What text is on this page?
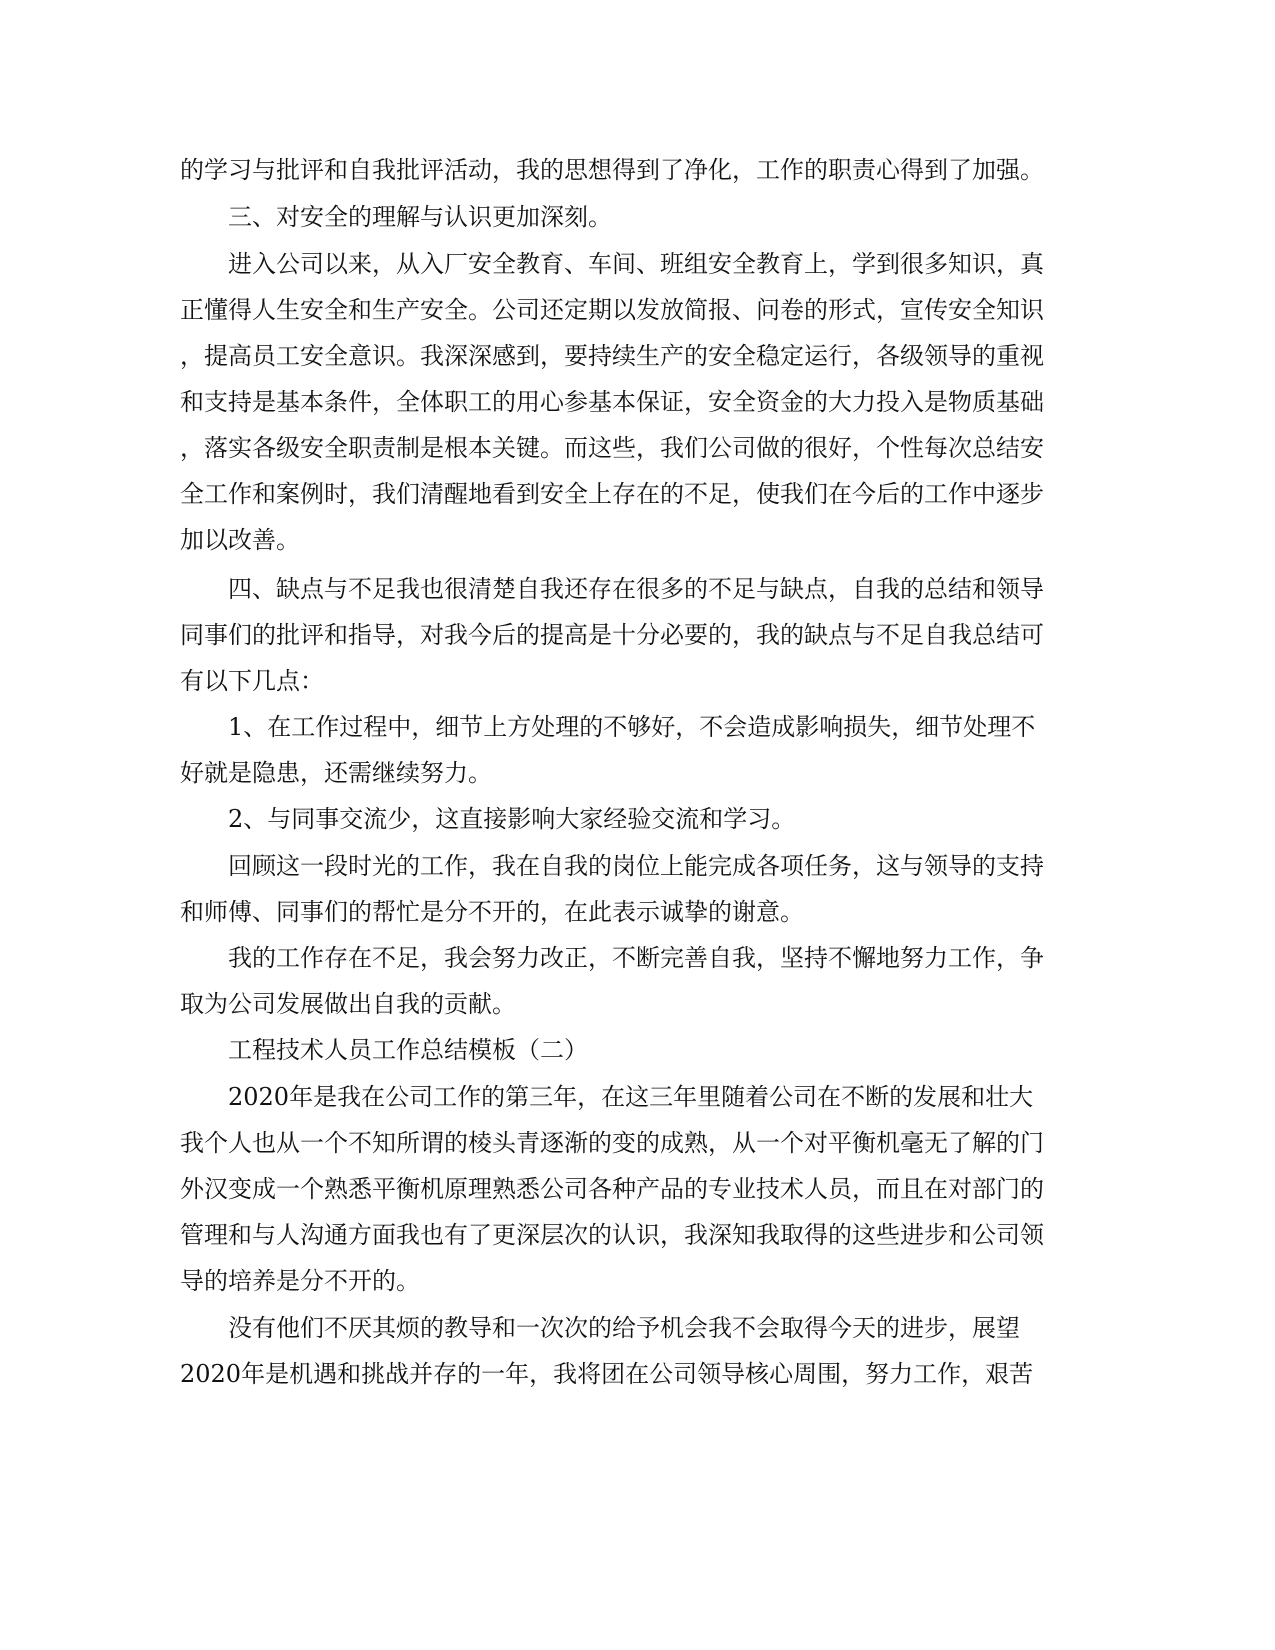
的学习与批评和自我批评活动，我的思想得到了净化，工作的职责心得到了加强。
三、对安全的理解与认识更加深刻。
进入公司以来，从入厂安全教育、车间、班组安全教育上，学到很多知识，真
正懂得人生安全和生产安全。公司还定期以发放简报、问卷的形式，宣传安全知识
，提高员工安全意识。我深深感到，要持续生产的安全稳定运行，各级领导的重视
和支持是基本条件，全体职工的用心参基本保证，安全资金的大力投入是物质基础
，落实各级安全职责制是根本关键。而这些，我们公司做的很好，个性每次总结安
全工作和案例时，我们清醒地看到安全上存在的不足，使我们在今后的工作中逐步
加以改善。
四、缺点与不足我也很清楚自我还存在很多的不足与缺点，自我的总结和领导
同事们的批评和指导，对我今后的提高是十分必要的，我的缺点与不足自我总结可
有以下几点：
1、在工作过程中，细节上方处理的不够好，不会造成影响损失，细节处理不
好就是隐患，还需继续努力。
2、与同事交流少，这直接影响大家经验交流和学习。
回顾这一段时光的工作，我在自我的岗位上能完成各项任务，这与领导的支持
和师傅、同事们的帮忙是分不开的，在此表示诚挚的谢意。
我的工作存在不足，我会努力改正，不断完善自我，坚持不懈地努力工作，争
取为公司发展做出自我的贡献。
工程技术人员工作总结模板（二）
2020年是我在公司工作的第三年，在这三年里随着公司在不断的发展和壮大
我个人也从一个不知所谓的棱头青逐渐的变的成熟，从一个对平衡机毫无了解的门
外汉变成一个熟悉平衡机原理熟悉公司各种产品的专业技术人员，而且在对部门的
管理和与人沟通方面我也有了更深层次的认识，我深知我取得的这些进步和公司领
导的培养是分不开的。
没有他们不厌其烦的教导和一次次的给予机会我不会取得今天的进步，展望
2020年是机遇和挑战并存的一年，我将团在公司领导核心周围，努力工作，艰苦
